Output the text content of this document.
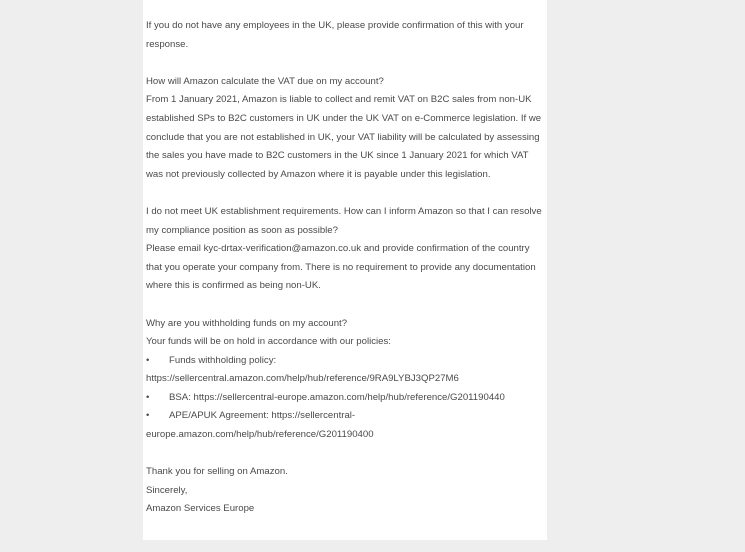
If you do not have any employees in the UK, please provide confirmation of this with your response.

How will Amazon calculate the VAT due on my account?

From 1 January 2021, Amazon is liable to collect and remit VAT on B2C sales from non-UK established SPs to B2C customers in UK under the UK VAT on e-Commerce legislation. If we conclude that you are not established in UK, your VAT liability will be calculated by assessing the sales you have made to B2C customers in the UK since 1 January 2021 for which VAT was not previously collected by Amazon where it is payable under this legislation.

I do not meet UK establishment requirements. How can I inform Amazon so that I can resolve my compliance position as soon as possible?

Please email kyc-drtax-verification@amazon.co.uk and provide confirmation of the country that you operate your company from. There is no requirement to provide any documentation where this is confirmed as being non-UK.

Why are you withholding funds on my account?

Your funds will be on hold in accordance with our policies:

• Funds withholding policy:
https://sellercentral.amazon.com/help/hub/reference/9RA9LYBJ3QP27M6

• BSA: https://sellercentral-europe.amazon.com/help/hub/reference/G201190440

• APE/APUK Agreement: https://sellercentral-europe.amazon.com/help/hub/reference/G201190400

Thank you for selling on Amazon.

Sincerely,

Amazon Services Europe
